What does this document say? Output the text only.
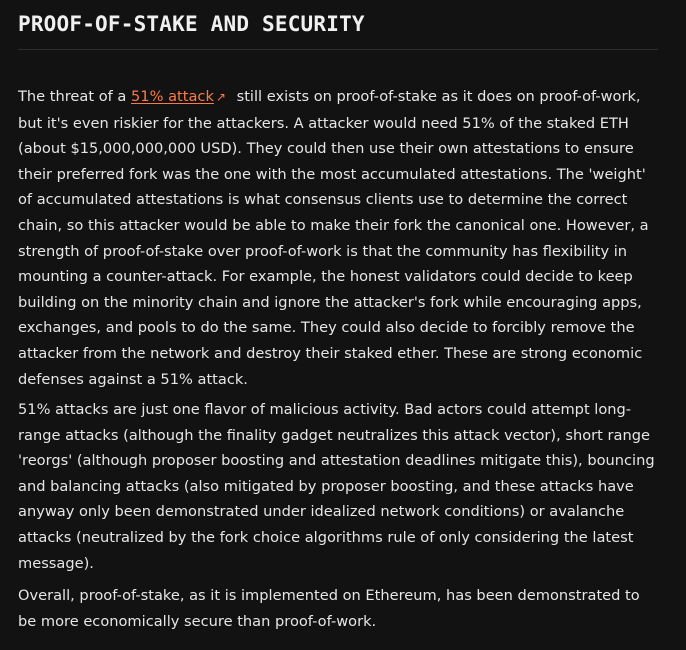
PROOF-OF-STAKE AND SECURITY

The threat of a 51% attack ↗ still exists on proof-of-stake as it does on proof-of-work, but it's even riskier for the attackers. A attacker would need 51% of the staked ETH (about $15,000,000,000 USD). They could then use their own attestations to ensure their preferred fork was the one with the most accumulated attestations. The 'weight' of accumulated attestations is what consensus clients use to determine the correct chain, so this attacker would be able to make their fork the canonical one. However, a strength of proof-of-stake over proof-of-work is that the community has flexibility in mounting a counter-attack. For example, the honest validators could decide to keep building on the minority chain and ignore the attacker's fork while encouraging apps, exchanges, and pools to do the same. They could also decide to forcibly remove the attacker from the network and destroy their staked ether. These are strong economic defenses against a 51% attack.

51% attacks are just one flavor of malicious activity. Bad actors could attempt long-range attacks (although the finality gadget neutralizes this attack vector), short range 'reorgs' (although proposer boosting and attestation deadlines mitigate this), bouncing and balancing attacks (also mitigated by proposer boosting, and these attacks have anyway only been demonstrated under idealized network conditions) or avalanche attacks (neutralized by the fork choice algorithms rule of only considering the latest message).

Overall, proof-of-stake, as it is implemented on Ethereum, has been demonstrated to be more economically secure than proof-of-work.
